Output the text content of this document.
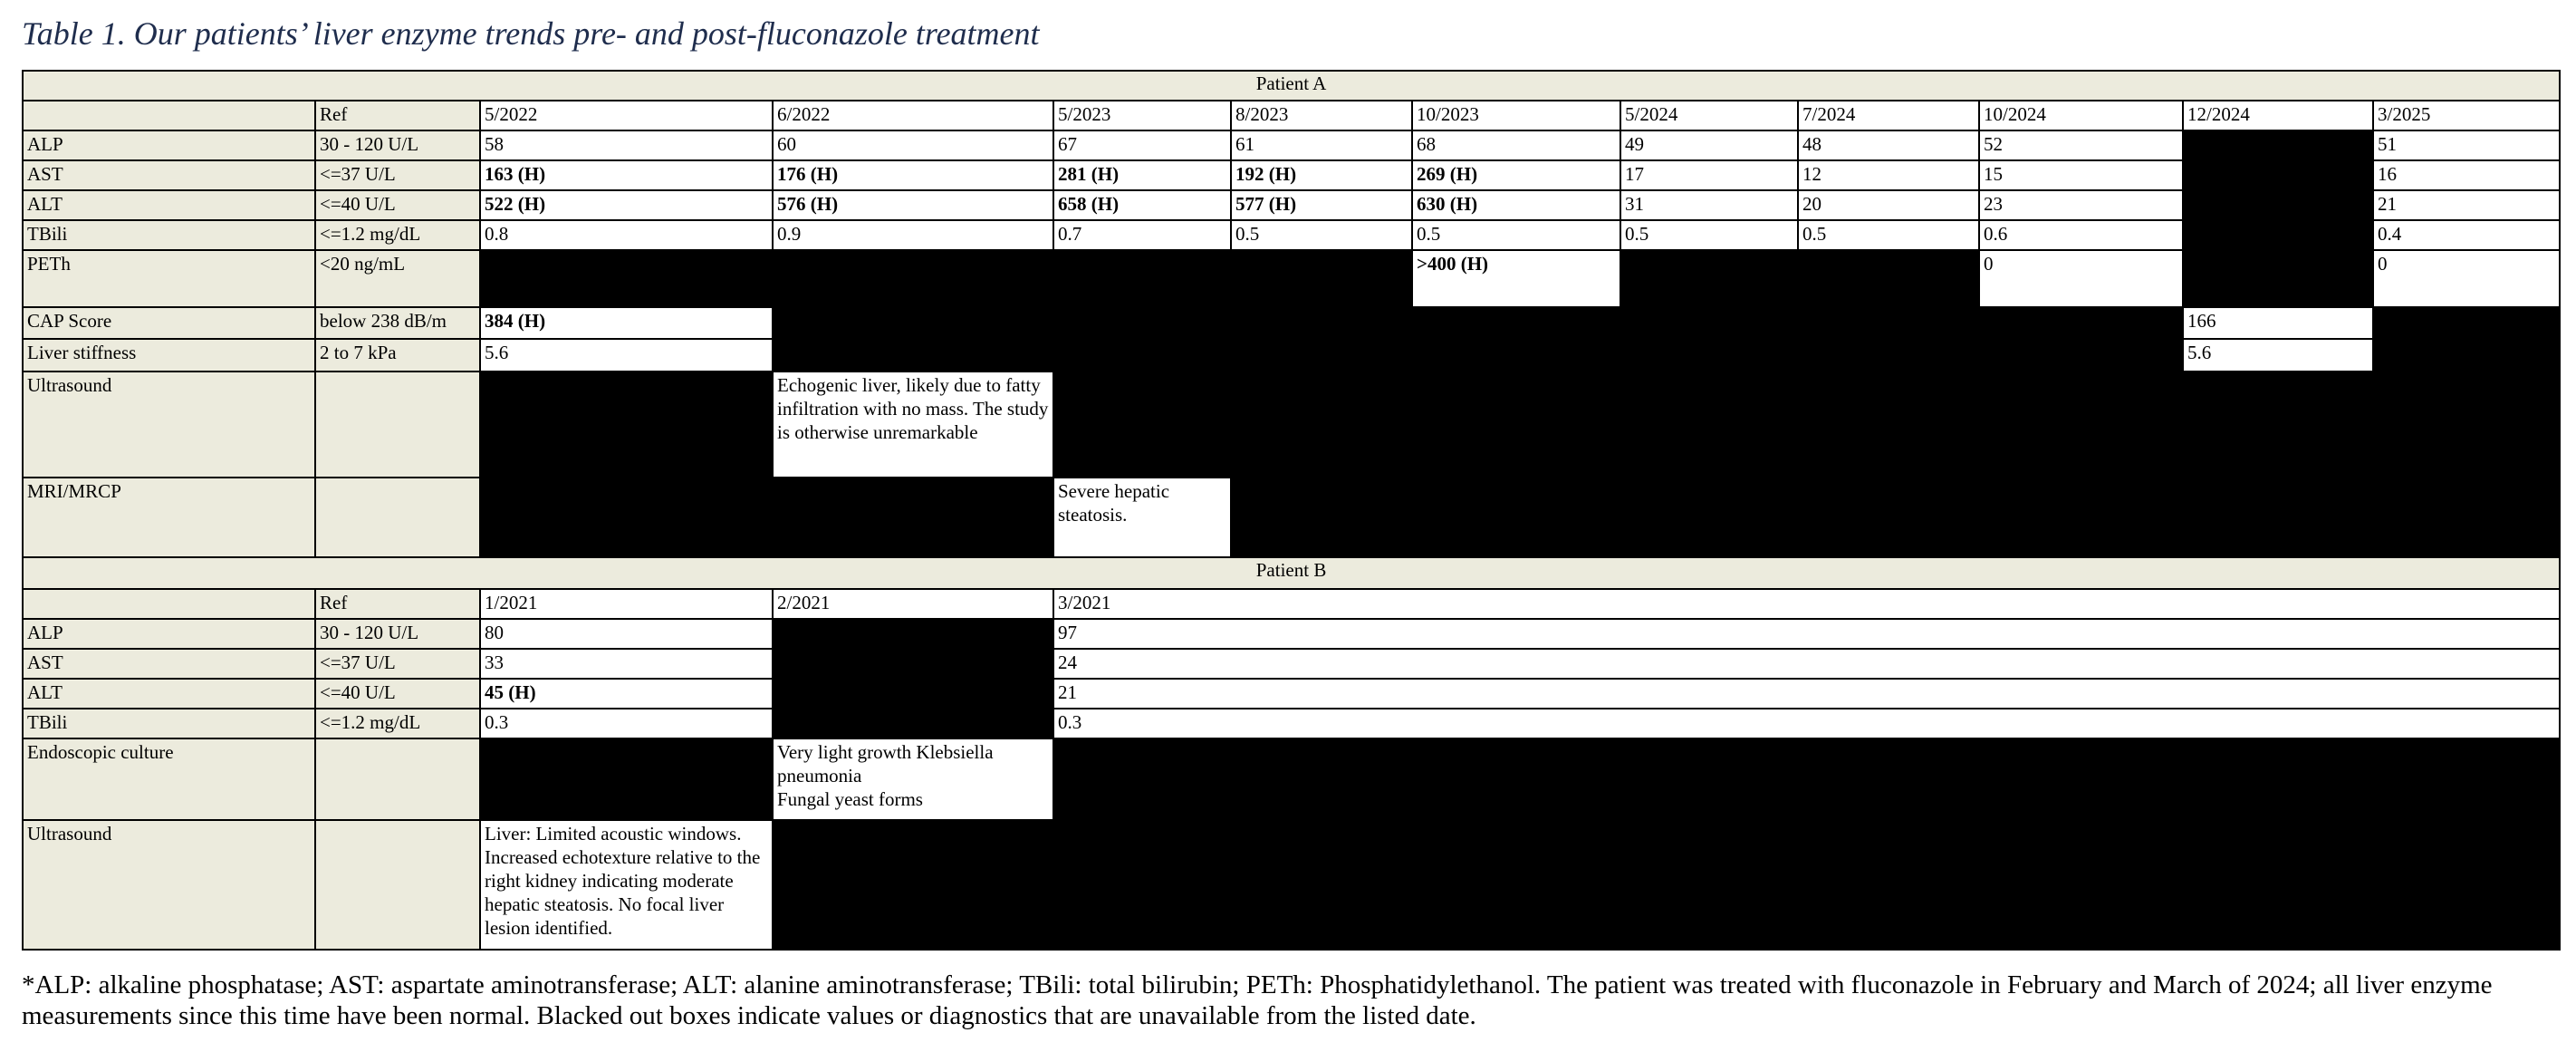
Table 1. Our patients’ liver enzyme trends pre- and post-fluconazole treatment
Patient A											
	Ref	5/2022	6/2022	5/2023	8/2023	10/2023	5/2024	7/2024	10/2024	12/2024	3/2025
ALP	30 - 120 U/L	58	60	67	61	68	49	48	52		51
AST	<=37 U/L	163 (H)	176 (H)	281 (H)	192 (H)	269 (H)	17	12	15		16
ALT	<=40 U/L	522 (H)	576 (H)	658 (H)	577 (H)	630 (H)	31	20	23		21
TBili	<=1.2 mg/dL	0.8	0.9	0.7	0.5	0.5	0.5	0.5	0.6		0.4
PETh	<20 ng/mL					>400 (H)			0		0
CAP Score	below 238 dB/m	384 (H)								166	
Liver stiffness	2 to 7 kPa	5.6								5.6	
Ultrasound			Echogenic liver, likely due to fatty infiltration with no mass. The study is otherwise unremarkable								
MRI/MRCP				Severe hepatic steatosis.							
Patient B											
	Ref	1/2021	2/2021	3/2021							
ALP	30 - 120 U/L	80		97							
AST	<=37 U/L	33		24							
ALT	<=40 U/L	45 (H)		21							
TBili	<=1.2 mg/dL	0.3		0.3							
Endoscopic culture			Very light growth Klebsiella pneumonia
Fungal yeast forms								

Ultrasound		Liver: Limited acoustic windows. Increased echotexture relative to the right kidney indicating moderate hepatic steatosis. No focal liver lesion identified.									
*ALP: alkaline phosphatase; AST: aspartate aminotransferase; ALT: alanine aminotransferase; TBili: total bilirubin; PETh: Phosphatidylethanol. The patient was treated with fluconazole in February and March of 2024; all liver enzyme measurements since this time have been normal. Blacked out boxes indicate values or diagnostics that are unavailable from the listed date.
